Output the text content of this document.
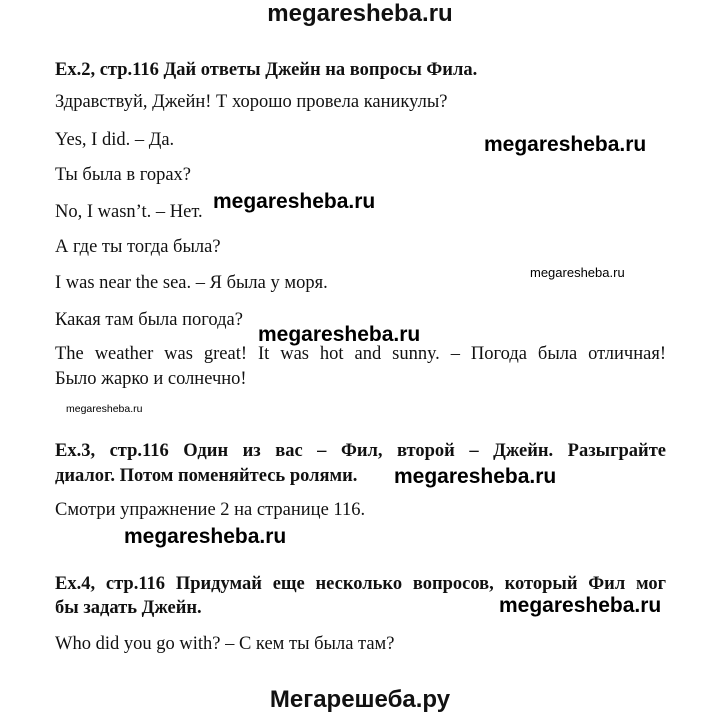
megaresheba.ru
Ex.2, стр.116 Дай ответы Джейн на вопросы Фила.
Здравствуй, Джейн! Т хорошо провела каникулы?
Yes, I did. – Да.
Ты была в горах?
No, I wasn’t. – Нет.
А где ты тогда была?
I was near the sea. – Я была у моря.
Какая там была погода?
The weather was great! It was hot and sunny. – Погода была отличная!
Было жарко и солнечно!
Ex.3, стр.116 Один из вас – Фил, второй – Джейн. Разыграйте
диалог. Потом поменяйтесь ролями.
Смотри упражнение 2 на странице 116.
Ex.4, стр.116 Придумай еще несколько вопросов, который Фил мог
бы задать Джейн.
Who did you go with? – С кем ты была там?
megaresheba.ru
megaresheba.ru
megaresheba.ru
megaresheba.ru
megaresheba.ru
megaresheba.ru
megaresheba.ru
megaresheba.ru
Мегарешеба.ру
